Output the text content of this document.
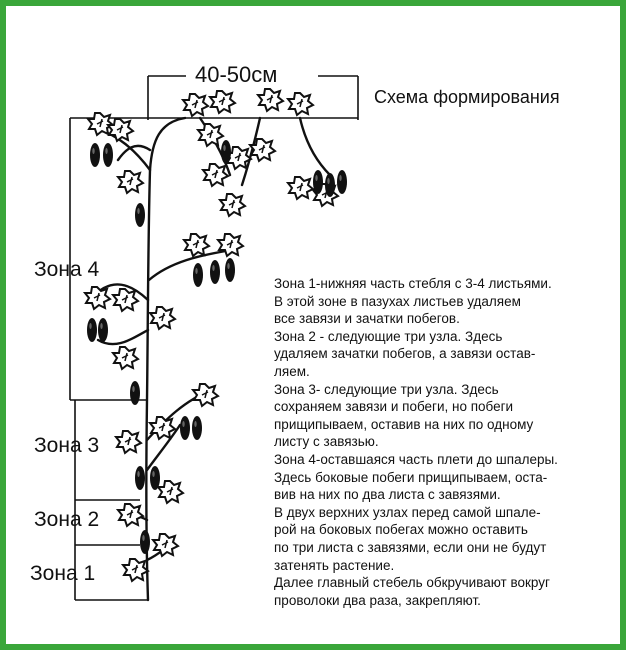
40-50см
Схема формирования
Зона 4
Зона 3
Зона 2
Зона 1

Зона 1-нижняя часть стебля с 3-4 листьями.

В этой зоне в пазухах листьев удаляем

все завязи и зачатки побегов.

Зона 2 - следующие три узла. Здесь

удаляем зачатки побегов, а завязи остав-

ляем.

Зона 3- следующие три узла. Здесь

сохраняем завязи и побеги, но побеги

прищипываем, оставив на них по одному

листу с завязью.

Зона 4-оставшаяся часть плети до шпалеры.

Здесь боковые побеги прищипываем, оста-

вив на них по два листа с завязями.

В двух верхних узлах перед самой шпале-

рой на боковых побегах можно оставить

по три листа с завязями, если они не будут

затенять растение.

Далее главный стебель обкручивают вокруг

проволоки два раза, закрепляют.
